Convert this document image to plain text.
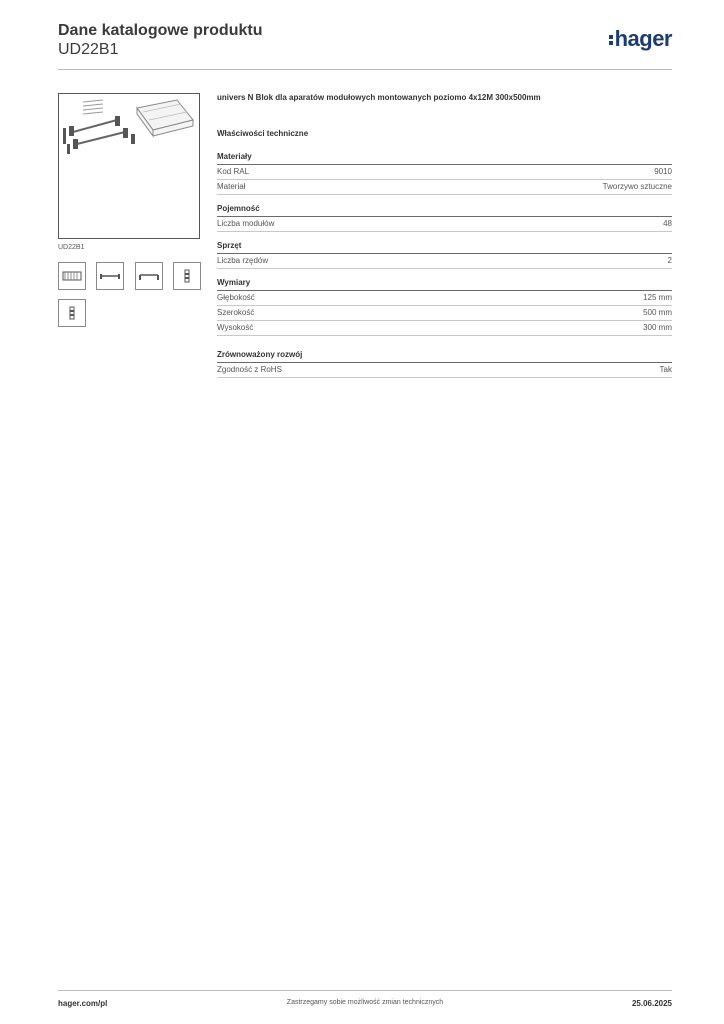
Dane katalogowe produktu
UD22B1	hager
UD22B1
univers N Blok dla aparatów modułowych montowanych poziomo 4x12M 300x500mm
Właściwości techniczne
Materiały
Kod RAL	9010
Materiał	Tworzywo sztuczne
Pojemność
Liczba modułów	48
Sprzęt
Liczba rzędów	2
Wymiary
Głębokość	125 mm
Szerokość	500 mm
Wysokość	300 mm
Zrównoważony rozwój
Zgodność z RoHS	Tak
Zastrzegamy sobie możliwość zmian technicznych
hager.com/pl	25.06.2025
